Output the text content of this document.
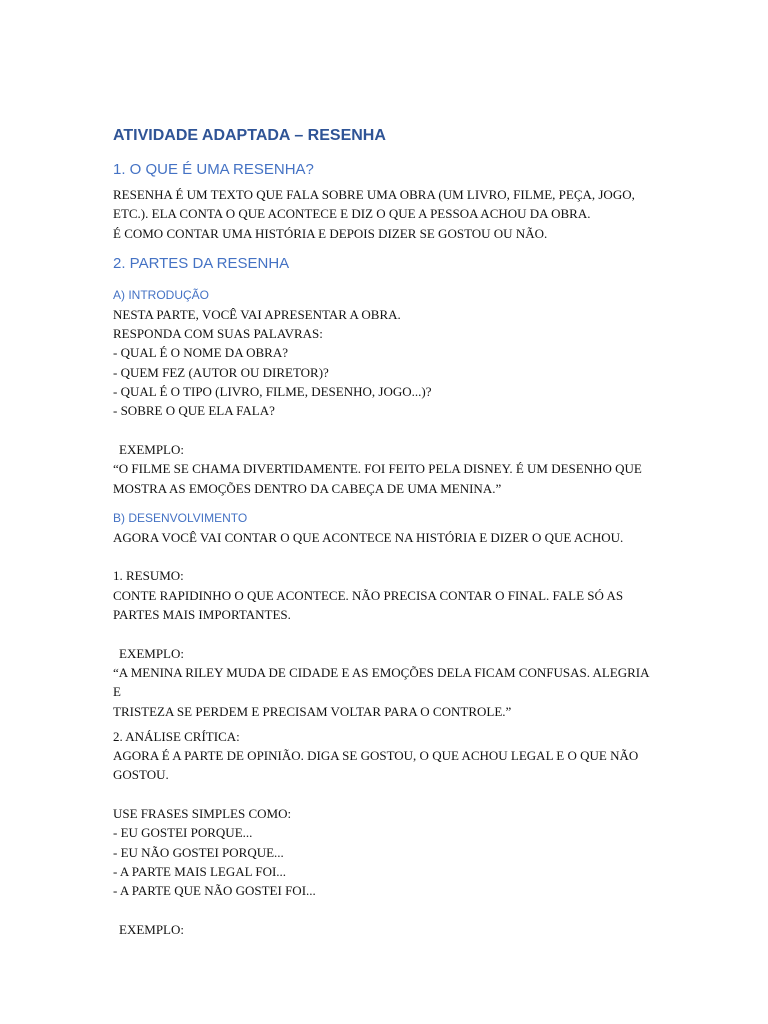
ATIVIDADE ADAPTADA – RESENHA
1. O QUE É UMA RESENHA?

RESENHA É UM TEXTO QUE FALA SOBRE UMA OBRA (UM LIVRO, FILME, PEÇA, JOGO,

ETC.). ELA CONTA O QUE ACONTECE E DIZ O QUE A PESSOA ACHOU DA OBRA.

É COMO CONTAR UMA HISTÓRIA E DEPOIS DIZER SE GOSTOU OU NÃO.

2. PARTES DA RESENHA
A) INTRODUÇÃO

NESTA PARTE, VOCÊ VAI APRESENTAR A OBRA.

RESPONDA COM SUAS PALAVRAS:

- QUAL É O NOME DA OBRA?

- QUEM FEZ (AUTOR OU DIRETOR)?

- QUAL É O TIPO (LIVRO, FILME, DESENHO, JOGO...)?

- SOBRE O QUE ELA FALA?

EXEMPLO:

“O FILME SE CHAMA DIVERTIDAMENTE. FOI FEITO PELA DISNEY. É UM DESENHO QUE

MOSTRA AS EMOÇÕES DENTRO DA CABEÇA DE UMA MENINA.”

B) DESENVOLVIMENTO

AGORA VOCÊ VAI CONTAR O QUE ACONTECE NA HISTÓRIA E DIZER O QUE ACHOU.

1. RESUMO:

CONTE RAPIDINHO O QUE ACONTECE. NÃO PRECISA CONTAR O FINAL. FALE SÓ AS

PARTES MAIS IMPORTANTES.

EXEMPLO:

“A MENINA RILEY MUDA DE CIDADE E AS EMOÇÕES DELA FICAM CONFUSAS. ALEGRIA E

TRISTEZA SE PERDEM E PRECISAM VOLTAR PARA O CONTROLE.”

2. ANÁLISE CRÍTICA:

AGORA É A PARTE DE OPINIÃO. DIGA SE GOSTOU, O QUE ACHOU LEGAL E O QUE NÃO

GOSTOU.

USE FRASES SIMPLES COMO:

- EU GOSTEI PORQUE...

- EU NÃO GOSTEI PORQUE...

- A PARTE MAIS LEGAL FOI...

- A PARTE QUE NÃO GOSTEI FOI...

EXEMPLO:
